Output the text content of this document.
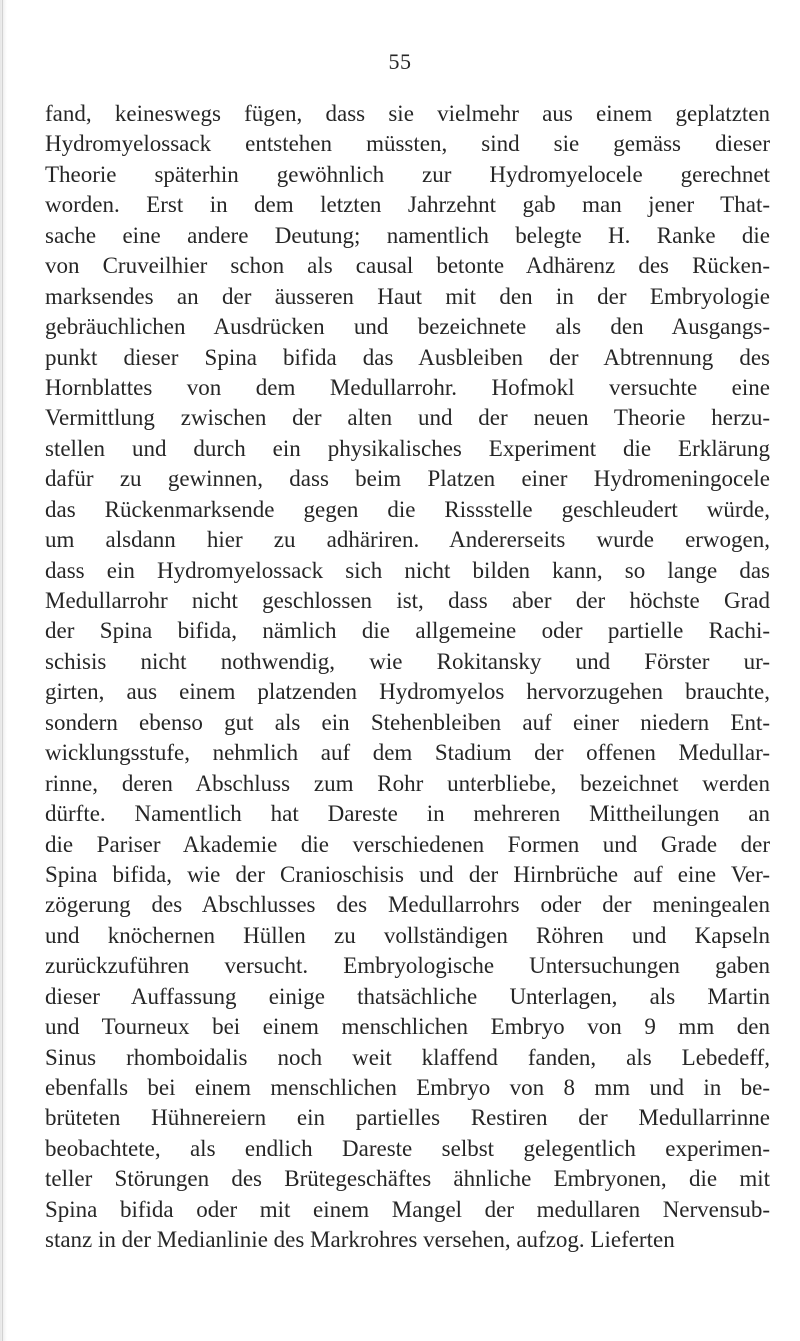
55
fand, keineswegs fügen, dass sie vielmehr aus einem geplatzten
Hydromyelossack entstehen müssten, sind sie gemäss dieser
Theorie späterhin gewöhnlich zur Hydromyelocele gerechnet
worden. Erst in dem letzten Jahrzehnt gab man jener That-
sache eine andere Deutung; namentlich belegte H. Ranke die
von Cruveilhier schon als causal betonte Adhärenz des Rücken-
marksendes an der äusseren Haut mit den in der Embryologie
gebräuchlichen Ausdrücken und bezeichnete als den Ausgangs-
punkt dieser Spina bifida das Ausbleiben der Abtrennung des
Hornblattes von dem Medullarrohr. Hofmokl versuchte eine
Vermittlung zwischen der alten und der neuen Theorie herzu-
stellen und durch ein physikalisches Experiment die Erklärung
dafür zu gewinnen, dass beim Platzen einer Hydromeningocele
das Rückenmarksende gegen die Rissstelle geschleudert würde,
um alsdann hier zu adhäriren. Andererseits wurde erwogen,
dass ein Hydromyelossack sich nicht bilden kann, so lange das
Medullarrohr nicht geschlossen ist, dass aber der höchste Grad
der Spina bifida, nämlich die allgemeine oder partielle Rachi-
schisis nicht nothwendig, wie Rokitansky und Förster ur-
girten, aus einem platzenden Hydromyelos hervorzugehen brauchte,
sondern ebenso gut als ein Stehenbleiben auf einer niedern Ent-
wicklungsstufe, nehmlich auf dem Stadium der offenen Medullar-
rinne, deren Abschluss zum Rohr unterbliebe, bezeichnet werden
dürfte. Namentlich hat Dareste in mehreren Mittheilungen an
die Pariser Akademie die verschiedenen Formen und Grade der
Spina bifida, wie der Cranioschisis und der Hirnbrüche auf eine Ver-
zögerung des Abschlusses des Medullarrohrs oder der meningealen
und knöchernen Hüllen zu vollständigen Röhren und Kapseln
zurückzuführen versucht. Embryologische Untersuchungen gaben
dieser Auffassung einige thatsächliche Unterlagen, als Martin
und Tourneux bei einem menschlichen Embryo von 9 mm den
Sinus rhomboidalis noch weit klaffend fanden, als Lebedeff,
ebenfalls bei einem menschlichen Embryo von 8 mm und in be-
brüteten Hühnereiern ein partielles Restiren der Medullarrinne
beobachtete, als endlich Dareste selbst gelegentlich experimen-
teller Störungen des Brütegeschäftes ähnliche Embryonen, die mit
Spina bifida oder mit einem Mangel der medullaren Nervensub-
stanz in der Medianlinie des Markrohres versehen, aufzog. Lieferten
